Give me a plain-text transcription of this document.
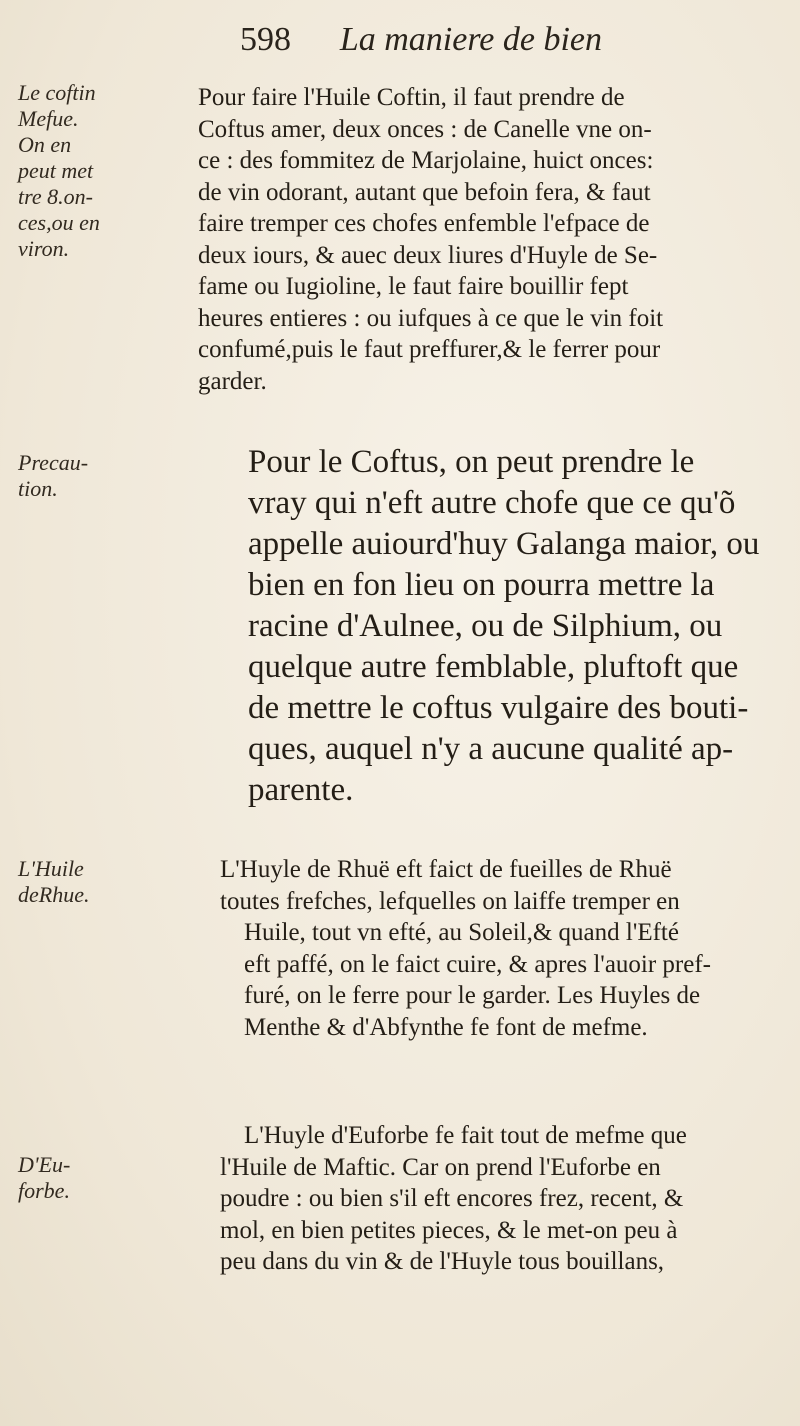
598 La maniere de bien
Le coftin
Mefue.
On en
peut met
tre 8.on-
ces,ou en
viron.
Precau-
tion.
L'Huile
deRhue.
D'Eu-
forbe.
Pour faire l'Huile Coftin, il faut prendre de
Coftus amer, deux onces : de Canelle vne on-
ce : des fommitez de Marjolaine, huict onces:
de vin odorant, autant que befoin fera, & faut
faire tremper ces chofes enfemble l'efpace de
deux iours, & auec deux liures d'Huyle de Se-
fame ou Iugioline, le faut faire bouillir fept
heures entieres : ou iufques à ce que le vin foit
confumé,puis le faut preffurer,& le ferrer pour
garder.
Pour le Coftus, on peut prendre le
vray qui n'eft autre chofe que ce qu'õ
appelle auiourd'huy Galanga maior, ou
bien en fon lieu on pourra mettre la
racine d'Aulnee, ou de Silphium, ou
quelque autre femblable, pluftoft que
de mettre le coftus vulgaire des bouti-
ques, auquel n'y a aucune qualité ap-
parente.
L'Huyle de Rhuë eft faict de fueilles de Rhuë
toutes frefches, lefquelles on laiffe tremper en
Huile, tout vn efté, au Soleil,& quand l'Efté
eft paffé, on le faict cuire, & apres l'auoir pref-
furé, on le ferre pour le garder. Les Huyles de
Menthe & d'Abfynthe fe font de mefme.
L'Huyle d'Euforbe fe fait tout de mefme que
l'Huile de Maftic. Car on prend l'Euforbe en
poudre : ou bien s'il eft encores frez, recent, &
mol, en bien petites pieces, & le met-on peu à
peu dans du vin & de l'Huyle tous bouillans,
